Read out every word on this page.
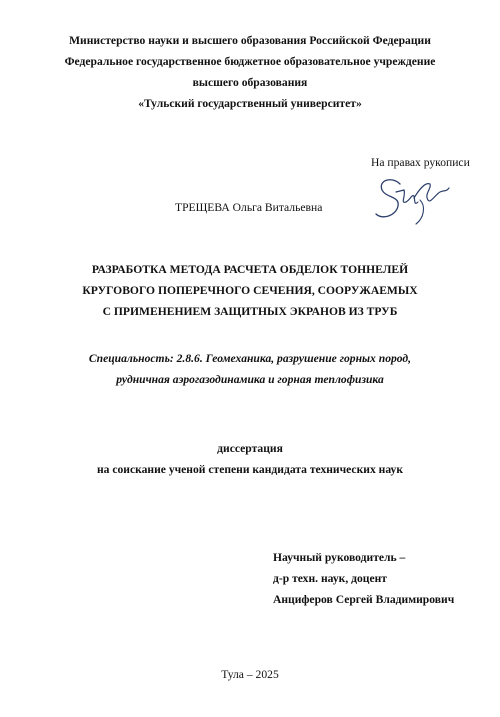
Министерство науки и высшего образования Российской Федерации
Федеральное государственное бюджетное образовательное учреждение
высшего образования
«Тульский государственный университет»
На правах рукописи
ТРЕЩЕВА Ольга Витальевна
РАЗРАБОТКА МЕТОДА РАСЧЕТА ОБДЕЛОК ТОННЕЛЕЙ
КРУГОВОГО ПОПЕРЕЧНОГО СЕЧЕНИЯ, СООРУЖАЕМЫХ
С ПРИМЕНЕНИЕМ ЗАЩИТНЫХ ЭКРАНОВ ИЗ ТРУБ
Специальность: 2.8.6. Геомеханика, разрушение горных пород,
рудничная аэрогазодинамика и горная теплофизика
диссертация
на соискание ученой степени кандидата технических наук
Научный руководитель –
д-р техн. наук, доцент
Анциферов Сергей Владимирович
Тула – 2025
